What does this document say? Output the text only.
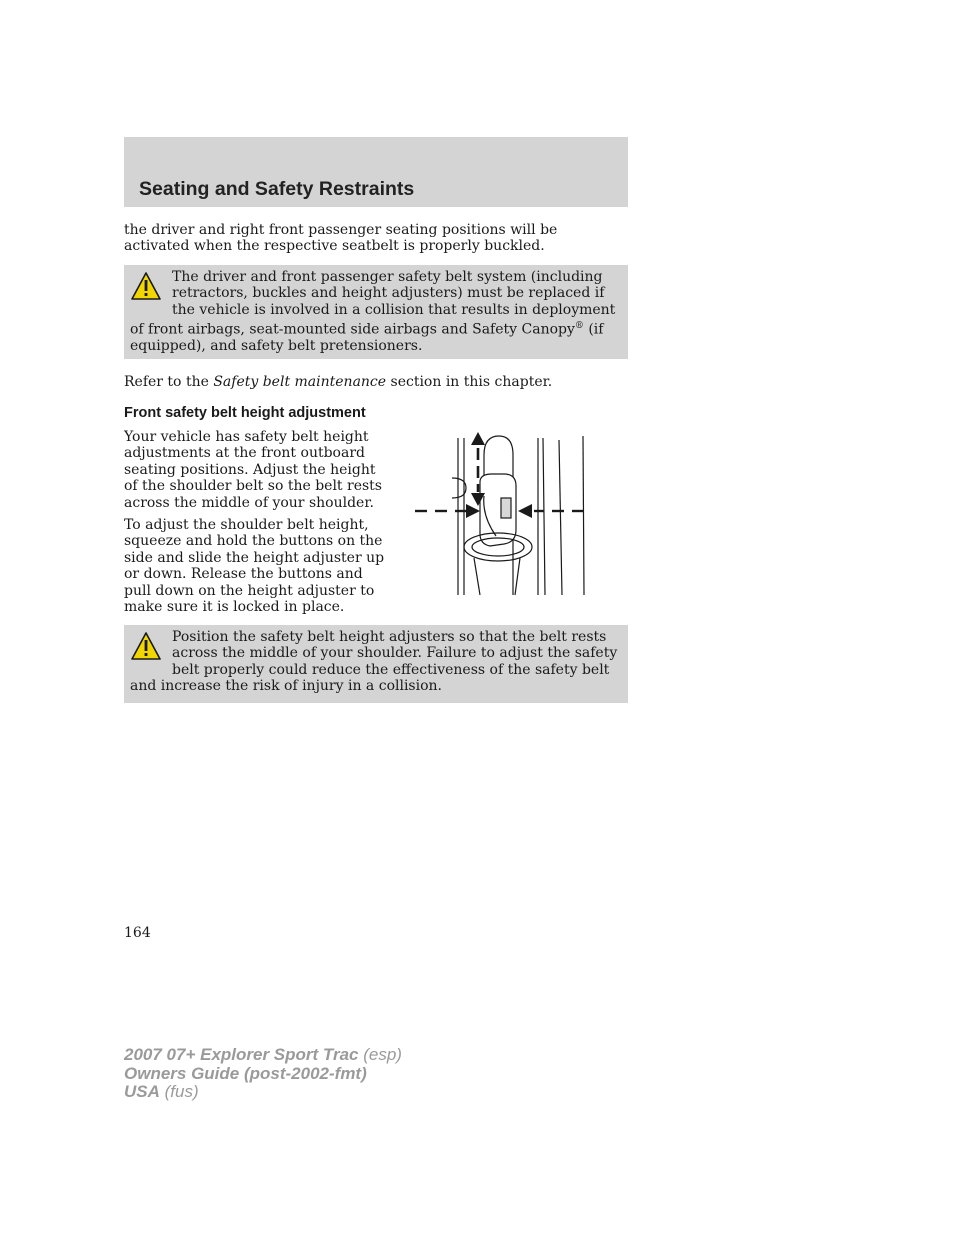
Seating and Safety Restraints

the driver and right front passenger seating positions will be activated when the respective seatbelt is properly buckled.

The driver and front passenger safety belt system (including retractors, buckles and height adjusters) must be replaced if the vehicle is involved in a collision that results in deployment of front airbags, seat-mounted side airbags and Safety Canopy® (if equipped), and safety belt pretensioners.

Refer to the Safety belt maintenance section in this chapter.

Front safety belt height adjustment

Your vehicle has safety belt height adjustments at the front outboard seating positions. Adjust the height of the shoulder belt so the belt rests across the middle of your shoulder.

To adjust the shoulder belt height, squeeze and hold the buttons on the side and slide the height adjuster up or down. Release the buttons and pull down on the height adjuster to make sure it is locked in place.

Position the safety belt height adjusters so that the belt rests across the middle of your shoulder. Failure to adjust the safety belt properly could reduce the effectiveness of the safety belt and increase the risk of injury in a collision.

164

2007 07+ Explorer Sport Trac (esp)
Owners Guide (post-2002-fmt)
USA (fus)
